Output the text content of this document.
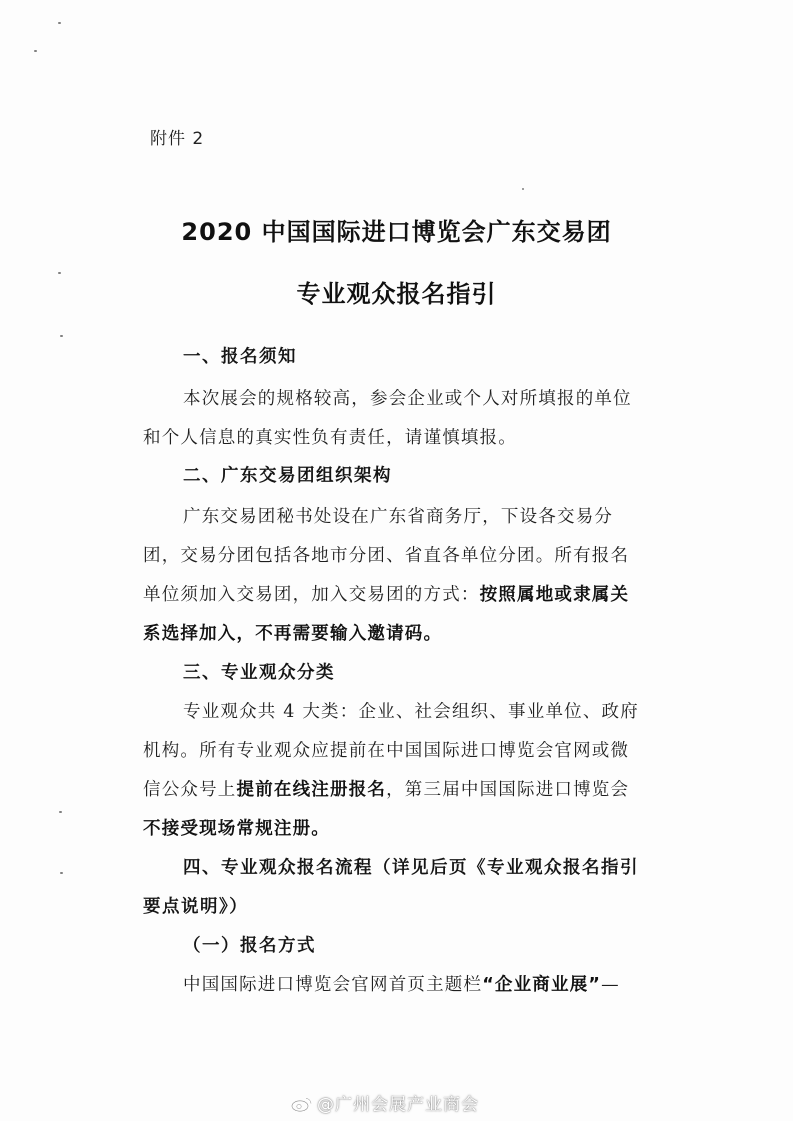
附件 2
2020 中国国际进口博览会广东交易团
专业观众报名指引
一、报名须知
本次展会的规格较高，参会企业或个人对所填报的单位
和个人信息的真实性负有责任，请谨慎填报。
二、广东交易团组织架构
广东交易团秘书处设在广东省商务厅，下设各交易分
团，交易分团包括各地市分团、省直各单位分团。所有报名
单位须加入交易团，加入交易团的方式：按照属地或隶属关
系选择加入，不再需要输入邀请码。
三、专业观众分类
专业观众共 4 大类：企业、社会组织、事业单位、政府
机构。所有专业观众应提前在中国国际进口博览会官网或微
信公众号上提前在线注册报名，第三届中国国际进口博览会
不接受现场常规注册。
四、专业观众报名流程（详见后页《专业观众报名指引
要点说明》）
（一）报名方式
中国国际进口博览会官网首页主题栏“企业商业展”—
@广州会展产业商会
